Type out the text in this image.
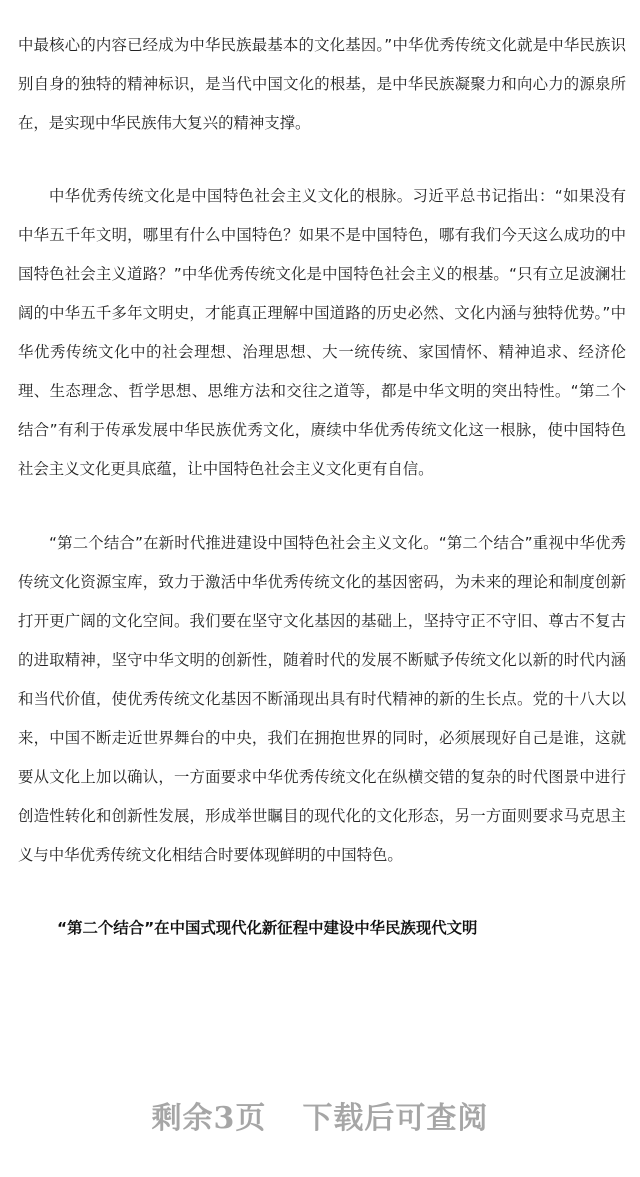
中最核心的内容已经成为中华民族最基本的文化基因。”中华优秀传统文化就是中华民族识别自身的独特的精神标识，是当代中国文化的根基，是中华民族凝聚力和向心力的源泉所在，是实现中华民族伟大复兴的精神支撑。

中华优秀传统文化是中国特色社会主义文化的根脉。习近平总书记指出：“如果没有中华五千年文明，哪里有什么中国特色？如果不是中国特色，哪有我们今天这么成功的中国特色社会主义道路？”中华优秀传统文化是中国特色社会主义的根基。“只有立足波澜壮阔的中华五千多年文明史，才能真正理解中国道路的历史必然、文化内涵与独特优势。”中华优秀传统文化中的社会理想、治理思想、大一统传统、家国情怀、精神追求、经济伦理、生态理念、哲学思想、思维方法和交往之道等，都是中华文明的突出特性。“第二个结合”有利于传承发展中华民族优秀文化，赓续中华优秀传统文化这一根脉，使中国特色社会主义文化更具底蕴，让中国特色社会主义文化更有自信。

“第二个结合”在新时代推进建设中国特色社会主义文化。“第二个结合”重视中华优秀传统文化资源宝库，致力于激活中华优秀传统文化的基因密码，为未来的理论和制度创新打开更广阔的文化空间。我们要在坚守文化基因的基础上，坚持守正不守旧、尊古不复古的进取精神，坚守中华文明的创新性，随着时代的发展不断赋予传统文化以新的时代内涵和当代价值，使优秀传统文化基因不断涌现出具有时代精神的新的生长点。党的十八大以来，中国不断走近世界舞台的中央，我们在拥抱世界的同时，必须展现好自己是谁，这就要从文化上加以确认，一方面要求中华优秀传统文化在纵横交错的复杂的时代图景中进行创造性转化和创新性发展，形成举世瞩目的现代化的文化形态，另一方面则要求马克思主义与中华优秀传统文化相结合时要体现鲜明的中国特色。

“第二个结合”在中国式现代化新征程中建设中华民族现代文明

剩余3页 下载后可查阅
